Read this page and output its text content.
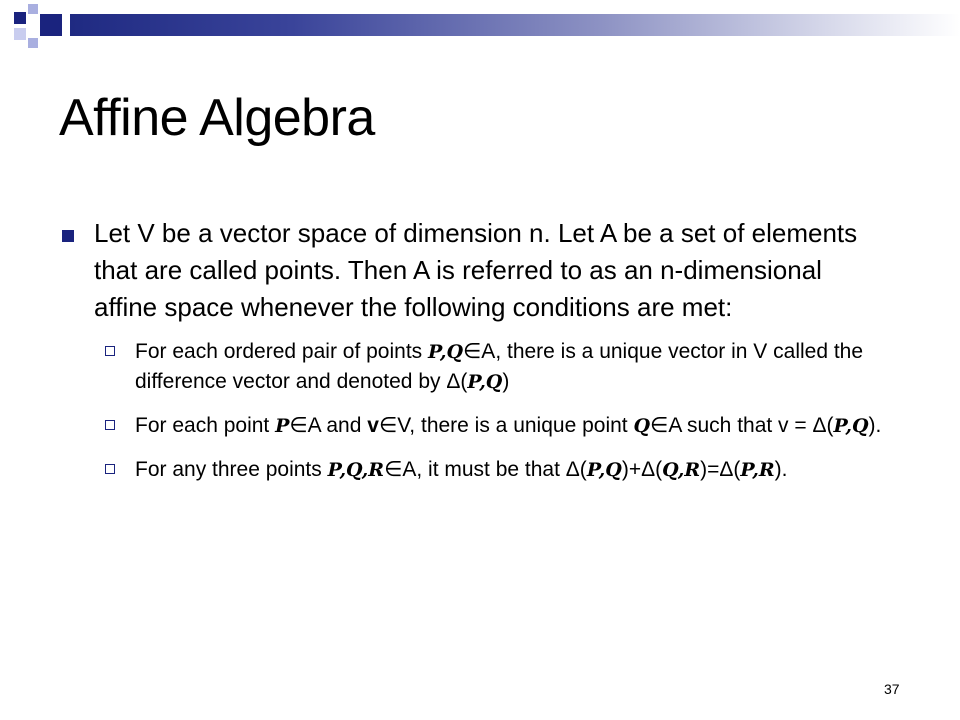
Affine Algebra
Let V be a vector space of dimension n. Let A be a set of elements that are called points. Then A is referred to as an n-dimensional affine space whenever the following conditions are met:
For each ordered pair of points P,Q∈A, there is a unique vector in V called the difference vector and denoted by Δ(P,Q)
For each point P∈A and v∈V, there is a unique point Q∈A such that v = Δ(P,Q).
For any three points P,Q,R∈A, it must be that Δ(P,Q)+Δ(Q,R)=Δ(P,R).
37
